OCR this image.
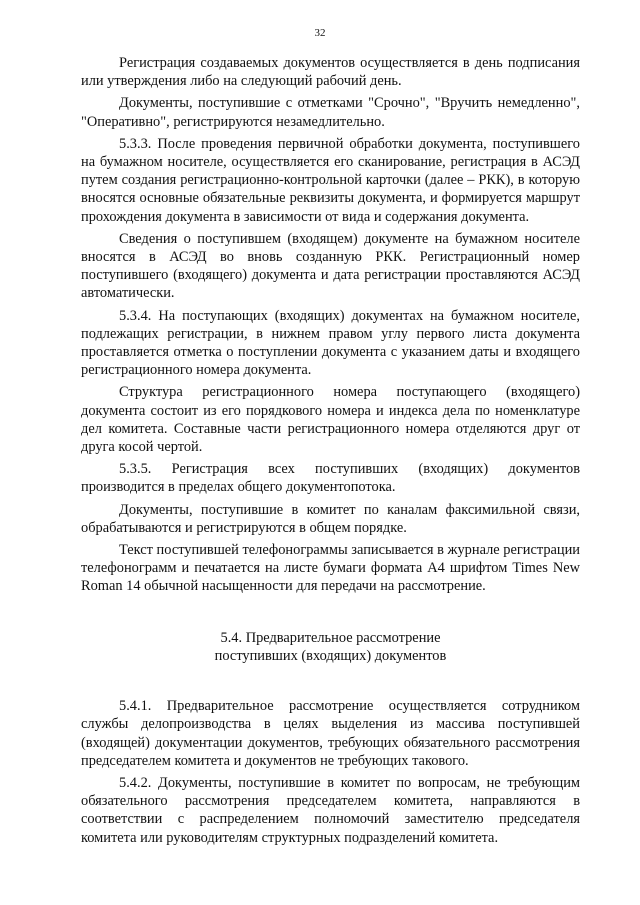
32

Регистрация создаваемых документов осуществляется в день подписания или утверждения либо на следующий рабочий день.

Документы, поступившие с отметками "Срочно", "Вручить немедленно", "Оперативно", регистрируются незамедлительно.

5.3.3. После проведения первичной обработки документа, поступившего на бумажном носителе, осуществляется его сканирование, регистрация в АСЭД путем создания регистрационно-контрольной карточки (далее – РКК), в которую вносятся основные обязательные реквизиты документа, и формируется маршрут прохождения документа в зависимости от вида и содержания документа.

Сведения о поступившем (входящем) документе на бумажном носителе вносятся в АСЭД во вновь созданную РКК. Регистрационный номер поступившего (входящего) документа и дата регистрации проставляются АСЭД автоматически.

5.3.4. На поступающих (входящих) документах на бумажном носителе, подлежащих регистрации, в нижнем правом углу первого листа документа проставляется отметка о поступлении документа с указанием даты и входящего регистрационного номера документа.

Структура регистрационного номера поступающего (входящего) документа состоит из его порядкового номера и индекса дела по номенклатуре дел комитета. Составные части регистрационного номера отделяются друг от друга косой чертой.

5.3.5. Регистрация всех поступивших (входящих) документов производится в пределах общего документопотока.

Документы, поступившие в комитет по каналам факсимильной связи, обрабатываются и регистрируются в общем порядке.

Текст поступившей телефонограммы записывается в журнале регистрации телефонограмм и печатается на листе бумаги формата А4 шрифтом Times New Roman 14 обычной насыщенности для передачи на рассмотрение.

5.4. Предварительное рассмотрение
поступивших (входящих) документов

5.4.1. Предварительное рассмотрение осуществляется сотрудником службы делопроизводства в целях выделения из массива поступившей (входящей) документации документов, требующих обязательного рассмотрения председателем комитета и документов не требующих такового.

5.4.2. Документы, поступившие в комитет по вопросам, не требующим обязательного рассмотрения председателем комитета, направляются в соответствии с распределением полномочий заместителю председателя комитета или руководителям структурных подразделений комитета.
